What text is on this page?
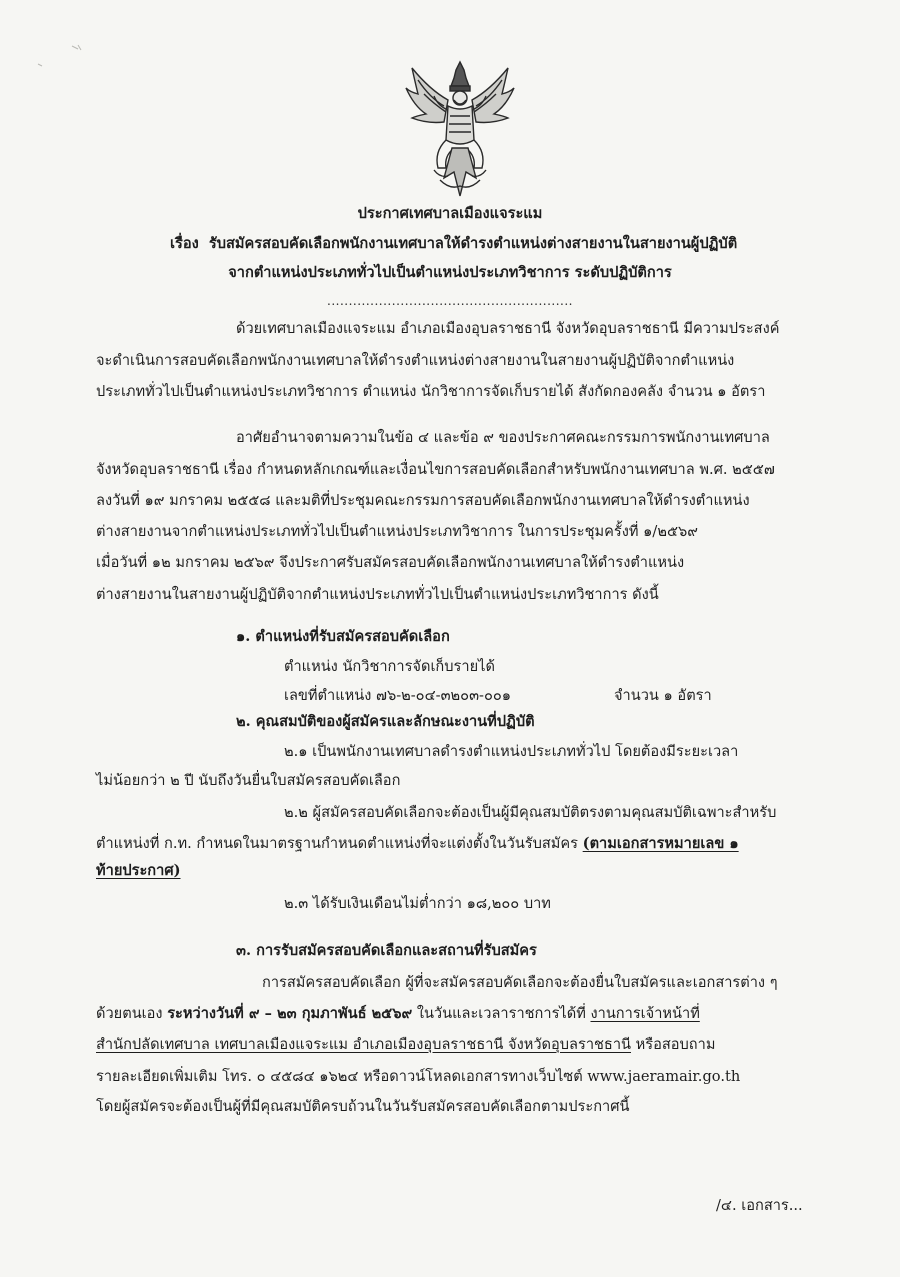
ประกาศเทศบาลเมืองแจระแม
เรื่อง รับสมัครสอบคัดเลือกพนักงานเทศบาลให้ดำรงตำแหน่งต่างสายงานในสายงานผู้ปฏิบัติ
จากตำแหน่งประเภททั่วไปเป็นตำแหน่งประเภทวิชาการ ระดับปฏิบัติการ
.........................................................
ด้วยเทศบาลเมืองแจระแม อำเภอเมืองอุบลราชธานี จังหวัดอุบลราชธานี มีความประสงค์
จะดำเนินการสอบคัดเลือกพนักงานเทศบาลให้ดำรงตำแหน่งต่างสายงานในสายงานผู้ปฏิบัติจากตำแหน่ง
ประเภททั่วไปเป็นตำแหน่งประเภทวิชาการ ตำแหน่ง นักวิชาการจัดเก็บรายได้ สังกัดกองคลัง จำนวน ๑ อัตรา
อาศัยอำนาจตามความในข้อ ๔ และข้อ ๙ ของประกาศคณะกรรมการพนักงานเทศบาล
จังหวัดอุบลราชธานี เรื่อง กำหนดหลักเกณฑ์และเงื่อนไขการสอบคัดเลือกสำหรับพนักงานเทศบาล พ.ศ. ๒๕๕๗
ลงวันที่ ๑๙ มกราคม ๒๕๕๘ และมติที่ประชุมคณะกรรมการสอบคัดเลือกพนักงานเทศบาลให้ดำรงตำแหน่ง
ต่างสายงานจากตำแหน่งประเภททั่วไปเป็นตำแหน่งประเภทวิชาการ ในการประชุมครั้งที่ ๑/๒๕๖๙
เมื่อวันที่ ๑๒ มกราคม ๒๕๖๙ จึงประกาศรับสมัครสอบคัดเลือกพนักงานเทศบาลให้ดำรงตำแหน่ง
ต่างสายงานในสายงานผู้ปฏิบัติจากตำแหน่งประเภททั่วไปเป็นตำแหน่งประเภทวิชาการ ดังนี้
๑. ตำแหน่งที่รับสมัครสอบคัดเลือก
ตำแหน่ง นักวิชาการจัดเก็บรายได้
เลขที่ตำแหน่ง ๗๖-๒-๐๔-๓๒๐๓-๐๐๑	จำนวน ๑ อัตรา
๒. คุณสมบัติของผู้สมัครและลักษณะงานที่ปฏิบัติ
๒.๑ เป็นพนักงานเทศบาลดำรงตำแหน่งประเภททั่วไป โดยต้องมีระยะเวลา
ไม่น้อยกว่า ๒ ปี นับถึงวันยื่นใบสมัครสอบคัดเลือก
๒.๒ ผู้สมัครสอบคัดเลือกจะต้องเป็นผู้มีคุณสมบัติตรงตามคุณสมบัติเฉพาะสำหรับ
ตำแหน่งที่ ก.ท. กำหนดในมาตรฐานกำหนดตำแหน่งที่จะแต่งตั้งในวันรับสมัคร (ตามเอกสารหมายเลข ๑
ท้ายประกาศ)
๒.๓ ได้รับเงินเดือนไม่ต่ำกว่า ๑๘,๒๐๐ บาท
๓. การรับสมัครสอบคัดเลือกและสถานที่รับสมัคร
การสมัครสอบคัดเลือก ผู้ที่จะสมัครสอบคัดเลือกจะต้องยื่นใบสมัครและเอกสารต่าง ๆ
ด้วยตนเอง ระหว่างวันที่ ๙ – ๒๓ กุมภาพันธ์ ๒๕๖๙ ในวันและเวลาราชการได้ที่ งานการเจ้าหน้าที่
สำนักปลัดเทศบาล เทศบาลเมืองแจระแม อำเภอเมืองอุบลราชธานี จังหวัดอุบลราชธานี หรือสอบถาม
รายละเอียดเพิ่มเติม โทร. ๐ ๔๕๘๔ ๑๖๒๔ หรือดาวน์โหลดเอกสารทางเว็บไซต์ www.jaeramair.go.th
โดยผู้สมัครจะต้องเป็นผู้ที่มีคุณสมบัติครบถ้วนในวันรับสมัครสอบคัดเลือกตามประกาศนี้
/๔. เอกสาร...
